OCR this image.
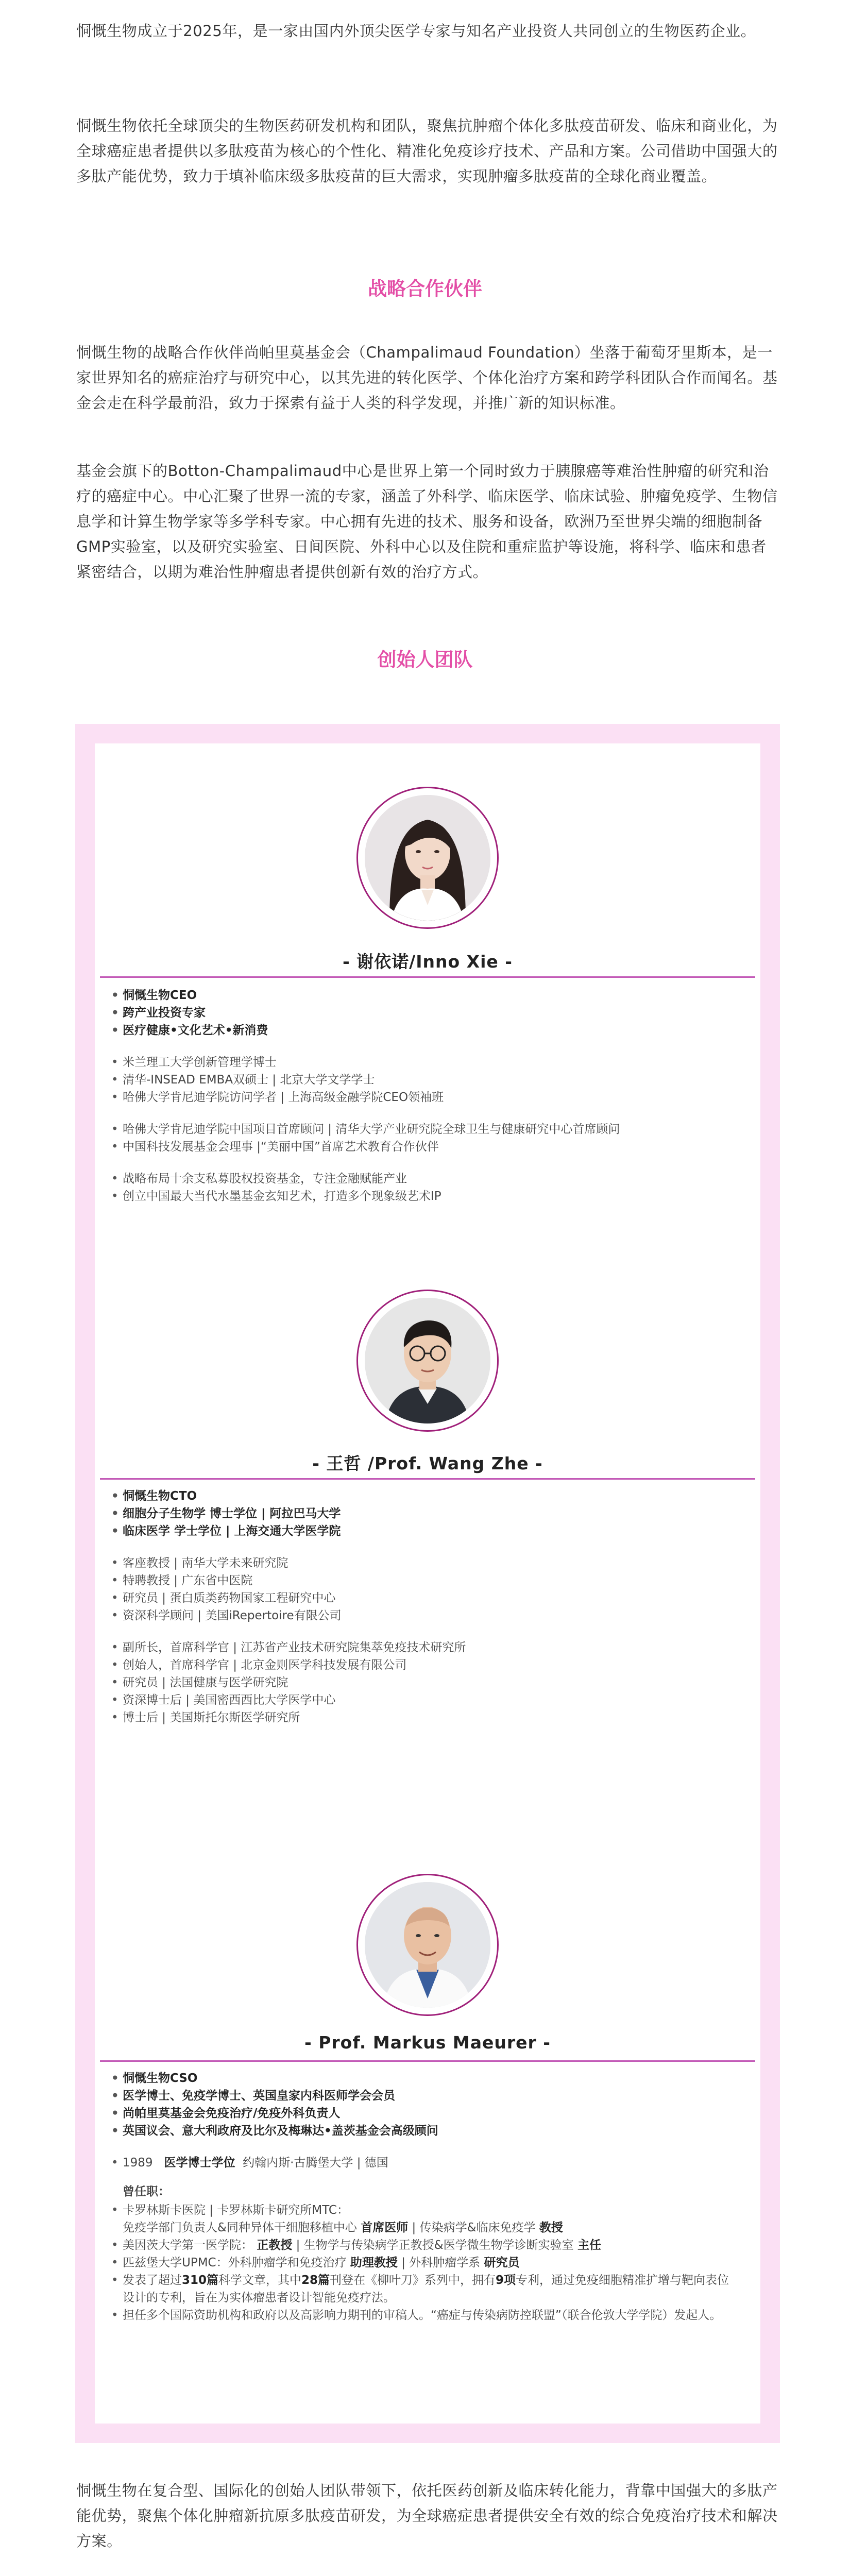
恫慨生物成立于2025年，是一家由国内外顶尖医学专家与知名产业投资人共同创立的生物医药企业。

恫慨生物依托全球顶尖的生物医药研发机构和团队，聚焦抗肿瘤个体化多肽疫苗研发、临床和商业化，为全球癌症患者提供以多肽疫苗为核心的个性化、精准化免疫诊疗技术、产品和方案。公司借助中国强大的多肽产能优势，致力于填补临床级多肽疫苗的巨大需求，实现肿瘤多肽疫苗的全球化商业覆盖。

战略合作伙伴

恫慨生物的战略合作伙伴尚帕里莫基金会（Champalimaud Foundation）坐落于葡萄牙里斯本，是一家世界知名的癌症治疗与研究中心，以其先进的转化医学、个体化治疗方案和跨学科团队合作而闻名。基金会走在科学最前沿，致力于探索有益于人类的科学发现，并推广新的知识标准。

基金会旗下的Botton-Champalimaud中心是世界上第一个同时致力于胰腺癌等难治性肿瘤的研究和治疗的癌症中心。中心汇聚了世界一流的专家，涵盖了外科学、临床医学、临床试验、肿瘤免疫学、生物信息学和计算生物学家等多学科专家。中心拥有先进的技术、服务和设备，欧洲乃至世界尖端的细胞制备GMP实验室，以及研究实验室、日间医院、外科中心以及住院和重症监护等设施，将科学、临床和患者紧密结合，以期为难治性肿瘤患者提供创新有效的治疗方式。

创始人团队
- 谢依诺/Inno Xie -
• 恫慨生物CEO
• 跨产业投资专家
• 医疗健康•文化艺术•新消费
• 米兰理工大学创新管理学博士
• 清华-INSEAD EMBA双硕士 | 北京大学文学学士
• 哈佛大学肯尼迪学院访问学者 | 上海高级金融学院CEO领袖班
• 哈佛大学肯尼迪学院中国项目首席顾问 | 清华大学产业研究院全球卫生与健康研究中心首席顾问
• 中国科技发展基金会理事 |“美丽中国”首席艺术教育合作伙伴
• 战略布局十余支私募股权投资基金，专注金融赋能产业
• 创立中国最大当代水墨基金玄知艺术，打造多个现象级艺术IP
- 王哲 /Prof. Wang Zhe -
• 恫慨生物CTO
• 细胞分子生物学 博士学位 | 阿拉巴马大学
• 临床医学 学士学位 | 上海交通大学医学院
• 客座教授 | 南华大学未来研究院
• 特聘教授 | 广东省中医院
• 研究员 | 蛋白质类药物国家工程研究中心
• 资深科学顾问 | 美国iRepertoire有限公司
• 副所长，首席科学官 | 江苏省产业技术研究院集萃免疫技术研究所
• 创始人，首席科学官 | 北京金则医学科技发展有限公司
• 研究员 | 法国健康与医学研究院
• 资深博士后 | 美国密西西比大学医学中心
• 博士后 | 美国斯托尔斯医学研究所
- Prof. Markus Maeurer -
• 恫慨生物CSO
• 医学博士、免疫学博士、英国皇家内科医师学会会员
• 尚帕里莫基金会免疫治疗/免疫外科负责人
• 英国议会、意大利政府及比尔及梅琳达•盖茨基金会高级顾问
• 1989 医学博士学位 约翰内斯·古腾堡大学 | 德国

曾任职：

• 卡罗林斯卡医院 | 卡罗林斯卡研究所MTC：
免疫学部门负责人&同种异体干细胞移植中心 首席医师 | 传染病学&临床免疫学 教授
• 美因茨大学第一医学院： 正教授 | 生物学与传染病学正教授&医学微生物学诊断实验室 主任
• 匹兹堡大学UPMC：外科肿瘤学和免疫治疗 助理教授 | 外科肿瘤学系 研究员
• 发表了超过310篇科学文章，其中28篇刊登在《柳叶刀》系列中，拥有9项专利，通过免疫细胞精准扩增与靶向表位设计的专利，旨在为实体瘤患者设计智能免疫疗法。
• 担任多个国际资助机构和政府以及高影响力期刊的审稿人。“癌症与传染病防控联盟”（联合伦敦大学学院）发起人。

恫慨生物在复合型、国际化的创始人团队带领下，依托医药创新及临床转化能力，背靠中国强大的多肽产能优势，聚焦个体化肿瘤新抗原多肽疫苗研发，为全球癌症患者提供安全有效的综合免疫治疗技术和解决方案。
